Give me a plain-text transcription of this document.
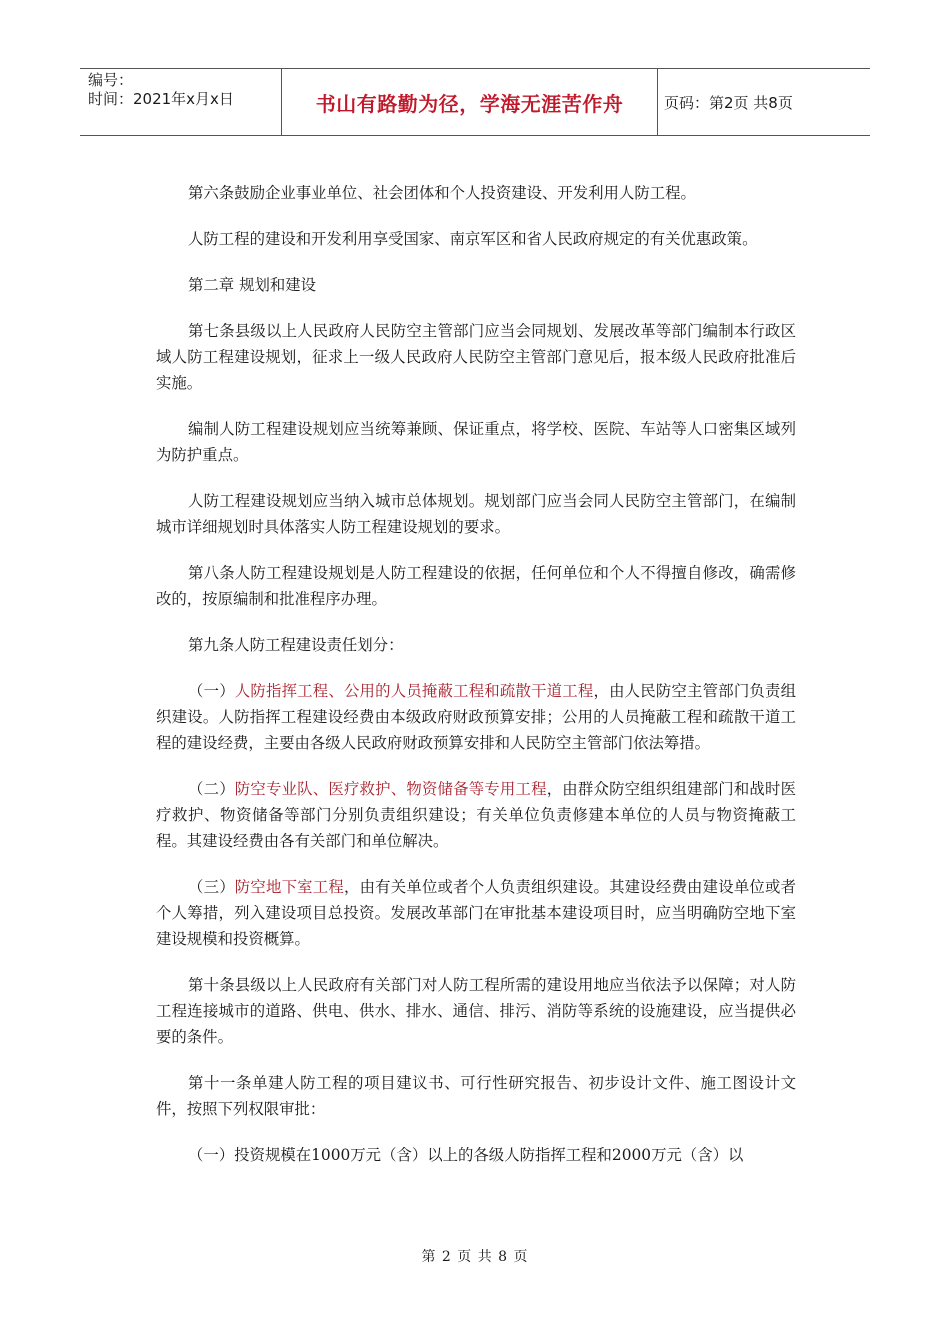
编号：
时间：2021年x月x日	书山有路勤为径，学海无涯苦作舟	页码：第2页 共8页

第六条鼓励企业事业单位、社会团体和个人投资建设、开发利用人防工程。

人防工程的建设和开发利用享受国家、南京军区和省人民政府规定的有关优惠政策。

第二章 规划和建设

第七条县级以上人民政府人民防空主管部门应当会同规划、发展改革等部门编制本行政区域人防工程建设规划，征求上一级人民政府人民防空主管部门意见后，报本级人民政府批准后实施。

编制人防工程建设规划应当统筹兼顾、保证重点，将学校、医院、车站等人口密集区域列为防护重点。

人防工程建设规划应当纳入城市总体规划。规划部门应当会同人民防空主管部门，在编制城市详细规划时具体落实人防工程建设规划的要求。

第八条人防工程建设规划是人防工程建设的依据，任何单位和个人不得擅自修改，确需修改的，按原编制和批准程序办理。

第九条人防工程建设责任划分：

（一）人防指挥工程、公用的人员掩蔽工程和疏散干道工程，由人民防空主管部门负责组织建设。人防指挥工程建设经费由本级政府财政预算安排；公用的人员掩蔽工程和疏散干道工程的建设经费，主要由各级人民政府财政预算安排和人民防空主管部门依法筹措。

（二）防空专业队、医疗救护、物资储备等专用工程，由群众防空组织组建部门和战时医疗救护、物资储备等部门分别负责组织建设；有关单位负责修建本单位的人员与物资掩蔽工程。其建设经费由各有关部门和单位解决。

（三）防空地下室工程，由有关单位或者个人负责组织建设。其建设经费由建设单位或者个人筹措，列入建设项目总投资。发展改革部门在审批基本建设项目时，应当明确防空地下室建设规模和投资概算。

第十条县级以上人民政府有关部门对人防工程所需的建设用地应当依法予以保障；对人防工程连接城市的道路、供电、供水、排水、通信、排污、消防等系统的设施建设，应当提供必要的条件。

第十一条单建人防工程的项目建议书、可行性研究报告、初步设计文件、施工图设计文件，按照下列权限审批：

（一）投资规模在1000万元（含）以上的各级人防指挥工程和2000万元（含）以

第 2 页 共 8 页
